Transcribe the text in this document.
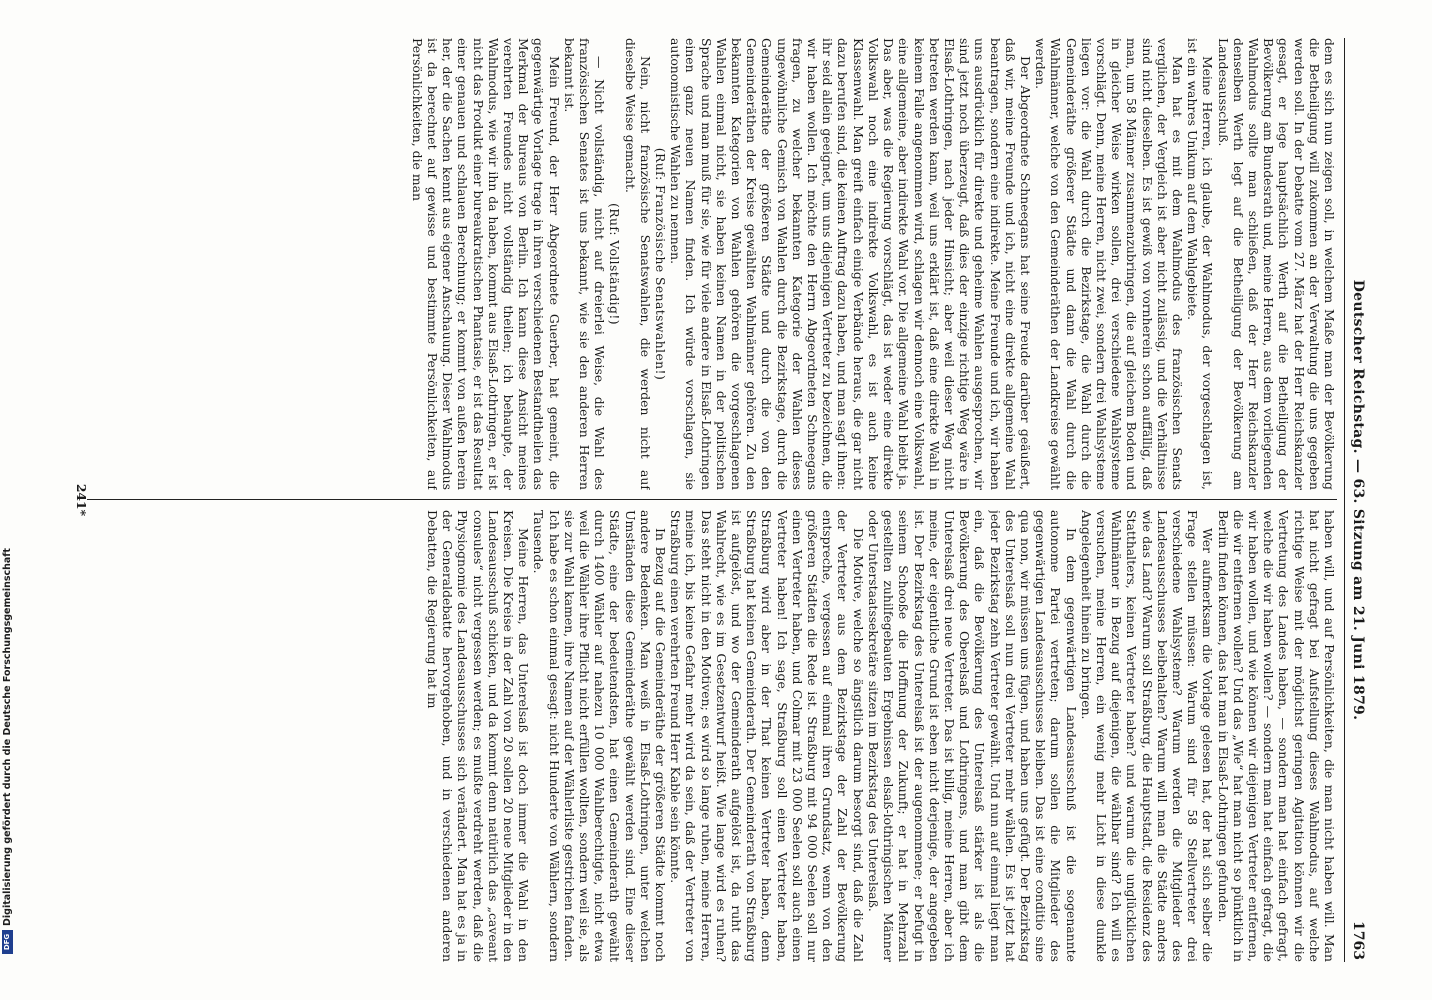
DFGDigitalisierung gefördert durch die Deutsche Forschungsgemeinschaft
Deutscher Reichstag. — 63. Sitzung am 21. Juni 1879.
1763

dem es sich nun zeigen soll, in welchem Maße man der Bevölkerung die Betheiligung will zukommen an der Verwaltung die uns gegeben werden soll. In der Debatte vom 27. März hat der Herr Reichskanzler gesagt, er lege hauptsächlich Werth auf die Betheiligung der Bevölkerung am Bundesrath und, meine Herren, aus dem vorliegenden Wahlmodus sollte man schließen, daß der Herr Reichskanzler denselben Werth legt auf die Betheiligung der Bevölkerung am Landesausschuß.

Meine Herren, ich glaube, der Wahlmodus, der vorgeschlagen ist, ist ein wahres Unikum auf dem Wahlgebiete.

Man hat es mit dem Wahlmodus des französischen Senats verglichen, der Vergleich ist aber nicht zulässig, und die Verhältnisse sind nicht dieselben. Es ist gewiß von vornherein schon auffällig, daß man, um 58 Männer zusammenzubringen, die auf gleichem Boden und in gleicher Weise wirken sollen, drei verschiedene Wahlsysteme vorschlägt. Denn, meine Herren, nicht zwei, sondern drei Wahlsysteme liegen vor: die Wahl durch die Bezirkstage, die Wahl durch die Gemeinderäthe größerer Städte und dann die Wahl durch die Wahlmänner, welche von den Gemeinderäthen der Landkreise gewählt werden.

Der Abgeordnete Schneegans hat seine Freude darüber geäußert, daß wir, meine Freunde und ich, nicht eine direkte allgemeine Wahl beantragen, sondern eine indirekte. Meine Freunde und ich, wir haben uns ausdrücklich für direkte und geheime Wahlen ausgesprochen, wir sind jetzt noch überzeugt, daß dies der einzige richtige Weg wäre in Elsaß-Lothringen, nach jeder Hinsicht; aber weil dieser Weg nicht betreten werden kann, weil uns erklärt ist, daß eine direkte Wahl in keinem Falle angenommen wird, schlagen wir dennoch eine Volkswahl, eine allgemeine, aber indirekte Wahl vor. Die allgemeine Wahl bleibt ja. Das aber, was die Regierung vorschlägt, das ist weder eine direkte Volkswahl noch eine indirekte Volkswahl, es ist auch keine Klassenwahl. Man greift einfach einige Verbände heraus, die gar nicht dazu berufen sind, die keinen Auftrag dazu haben, und man sagt ihnen: ihr seid allein geeignet, um uns diejenigen Vertreter zu bezeichnen, die wir haben wollen. Ich möchte den Herrn Abgeordneten Schneegans fragen, zu welcher bekannten Kategorie der Wahlen dieses ungewöhnliche Gemisch von Wahlen durch die Bezirkstage, durch die Gemeinderäthe der größeren Städte und durch die von den Gemeinderäthen der Kreise gewählten Wahlmänner gehören. Zu den bekannten Kategorien von Wahlen gehören die vorgeschlagenen Wahlen einmal nicht, sie haben keinen Namen in der politischen Sprache und man muß für sie, wie für viele andere in Elsaß-Lothringen einen ganz neuen Namen finden. Ich würde vorschlagen, sie autonomistische Wahlen zu nennen.

(Ruf: Französische Senatswahlen!)

Nein, nicht französische Senatswahlen, die werden nicht auf dieselbe Weise gemacht.

(Ruf: Vollständig!)

— Nicht vollständig, nicht auf dreierlei Weise, die Wahl des französischen Senates ist uns bekannt, wie sie den anderen Herren bekannt ist.

Mein Freund, der Herr Abgeordnete Guerber, hat gemeint, die gegenwärtige Vorlage trage in ihren verschiedenen Bestandtheilen das Merkmal der Bureaus von Berlin. Ich kann diese Ansicht meines verehrten Freundes nicht vollständig theilen; ich behaupte, der Wahlmodus, wie wir ihn da haben, kommt aus Elsaß-Lothringen, er ist nicht das Produkt einer bureaukratischen Phantasie, er ist das Resultat einer genauen und schlauen Berechnung; er kommt von außen herein her, der die Sachen kennt aus eigener Anschauung. Dieser Wahlmodus ist da berechnet auf gewisse und bestimmte Persönlichkeiten, auf Persönlichkeiten, die man

haben will, und auf Persönlichkeiten, die man nicht haben will. Man hat nicht gefragt bei Aufstellung dieses Wahlmodus, auf welche richtige Weise mit der möglichst geringen Agitation können wir die Vertretung des Landes haben, — sondern man hat einfach gefragt, welche die wir haben wollen? — sondern man hat einfach gefragt, die wir haben wollen, und wie können wir diejenigen Vertreter entfernen, die wir entfernen wollen? Und das „Wie“ hat man nicht so pünktlich in Berlin finden können, das hat man in Elsaß-Lothringen gefunden.

Wer aufmerksam die Vorlage gelesen hat, der hat sich selber die Frage stellen müssen: Warum sind für 58 Stellvertreter drei verschiedene Wahlsysteme? Warum werden die Mitglieder des Landesausschusses beibehalten? Warum will man die Städte anders wie das Land? Warum soll Straßburg, die Hauptstadt, die Residenz des Statthalters, keinen Vertreter haben? und warum die unglücklichen Wahlmänner in Bezug auf diejenigen, die wählbar sind? Ich will es versuchen, meine Herren, ein wenig mehr Licht in diese dunkle Angelegenheit hinein zu bringen.

In dem gegenwärtigen Landesausschuß ist die sogenannte autonome Partei vertreten; darum sollen die Mitglieder des gegenwärtigen Landesausschusses bleiben. Das ist eine conditio sine qua non, wir müssen uns fügen, und haben uns gefügt. Der Bezirkstag des Unterelsaß soll nun drei Vertreter mehr wählen. Es ist jetzt hat jeder Bezirkstag zehn Vertreter gewählt. Und nun auf einmal liegt man ein, daß die Bevölkerung des Unterelsaß stärker ist als die Bevölkerung des Oberelsaß und Lothringens, und man gibt dem Unterelsaß drei neue Vertreter. Das ist billig, meine Herren, aber ich meine, der eigentliche Grund ist eben nicht derjenige, der angegeben ist. Der Bezirkstag des Unterelsaß ist der augenommene; er befugt in seinem Schooße die Hoffnung der Zukunft; er hat in Mehrzahl gestellten zuhilfegebauten Ergebnissen elsaß-lothringischen Männer oder Unterstaatssekretäre sitzen im Bezirkstag des Unterelsaß.

Die Motive, welche so ängstlich darum besorgt sind, daß die Zahl der Vertreter aus dem Bezirkstage der Zahl der Bevölkerung entspreche, vergessen auf einmal ihren Grundsatz, wenn von den größeren Städten die Rede ist. Straßburg mit 94 000 Seelen soll nur einen Vertreter haben, und Colmar mit 23 000 Seelen soll auch einen Vertreter haben! Ich sage, Straßburg soll einen Vertreter haben, Straßburg wird aber in der That keinen Vertreter haben, denn Straßburg hat keinen Gemeinderath. Der Gemeinderath von Straßburg ist aufgelöst, und wo der Gemeinderath aufgelöst ist, da ruht das Wahlrecht, wie es im Gesetzentwurf heißt. Wie lange wird es ruhen? Das steht nicht in den Motiven; es wird so lange ruhen, meine Herren, meine ich, bis keine Gefahr mehr wird da sein, daß der Vertreter von Straßburg einen verehrten Freund Herr Kable sein könnte.

In Bezug auf die Gemeinderäthe der größeren Städte kommt noch andere Bedenken. Man weiß in Elsaß-Lothringen, unter welchen Umständen diese Gemeinderäthe gewählt werden sind. Eine dieser Städte, eine der bedeutendsten, hat einen Gemeinderath gewählt durch 1400 Wähler auf nahezu 10 000 Wahlberechtigte, nicht etwa weil die Wähler ihre Pflicht nicht erfüllen wollten, sondern weil sie, als sie zur Wahl kamen, ihre Namen auf der Wählerliste gestrichen fanden. Ich habe es schon einmal gesagt: nicht Hunderte von Wählern, sondern Tausende.

Meine Herren, das Unterelsaß ist doch immer die Wahl in den Kreisen. Die Kreise in der Zahl von 20 sollen 20 neue Mitglieder in den Landesausschuß schicken, und da kommt denn natürlich das „caveant consules“ nicht vergessen werden; es mußte verdreht werden, daß die Physiognomie des Landesausschusses sich verändert. Man hat es ja in der Generaldebatte hervorgehoben, und in verschiedenen anderen Debatten, die Regierung hat im

241*
